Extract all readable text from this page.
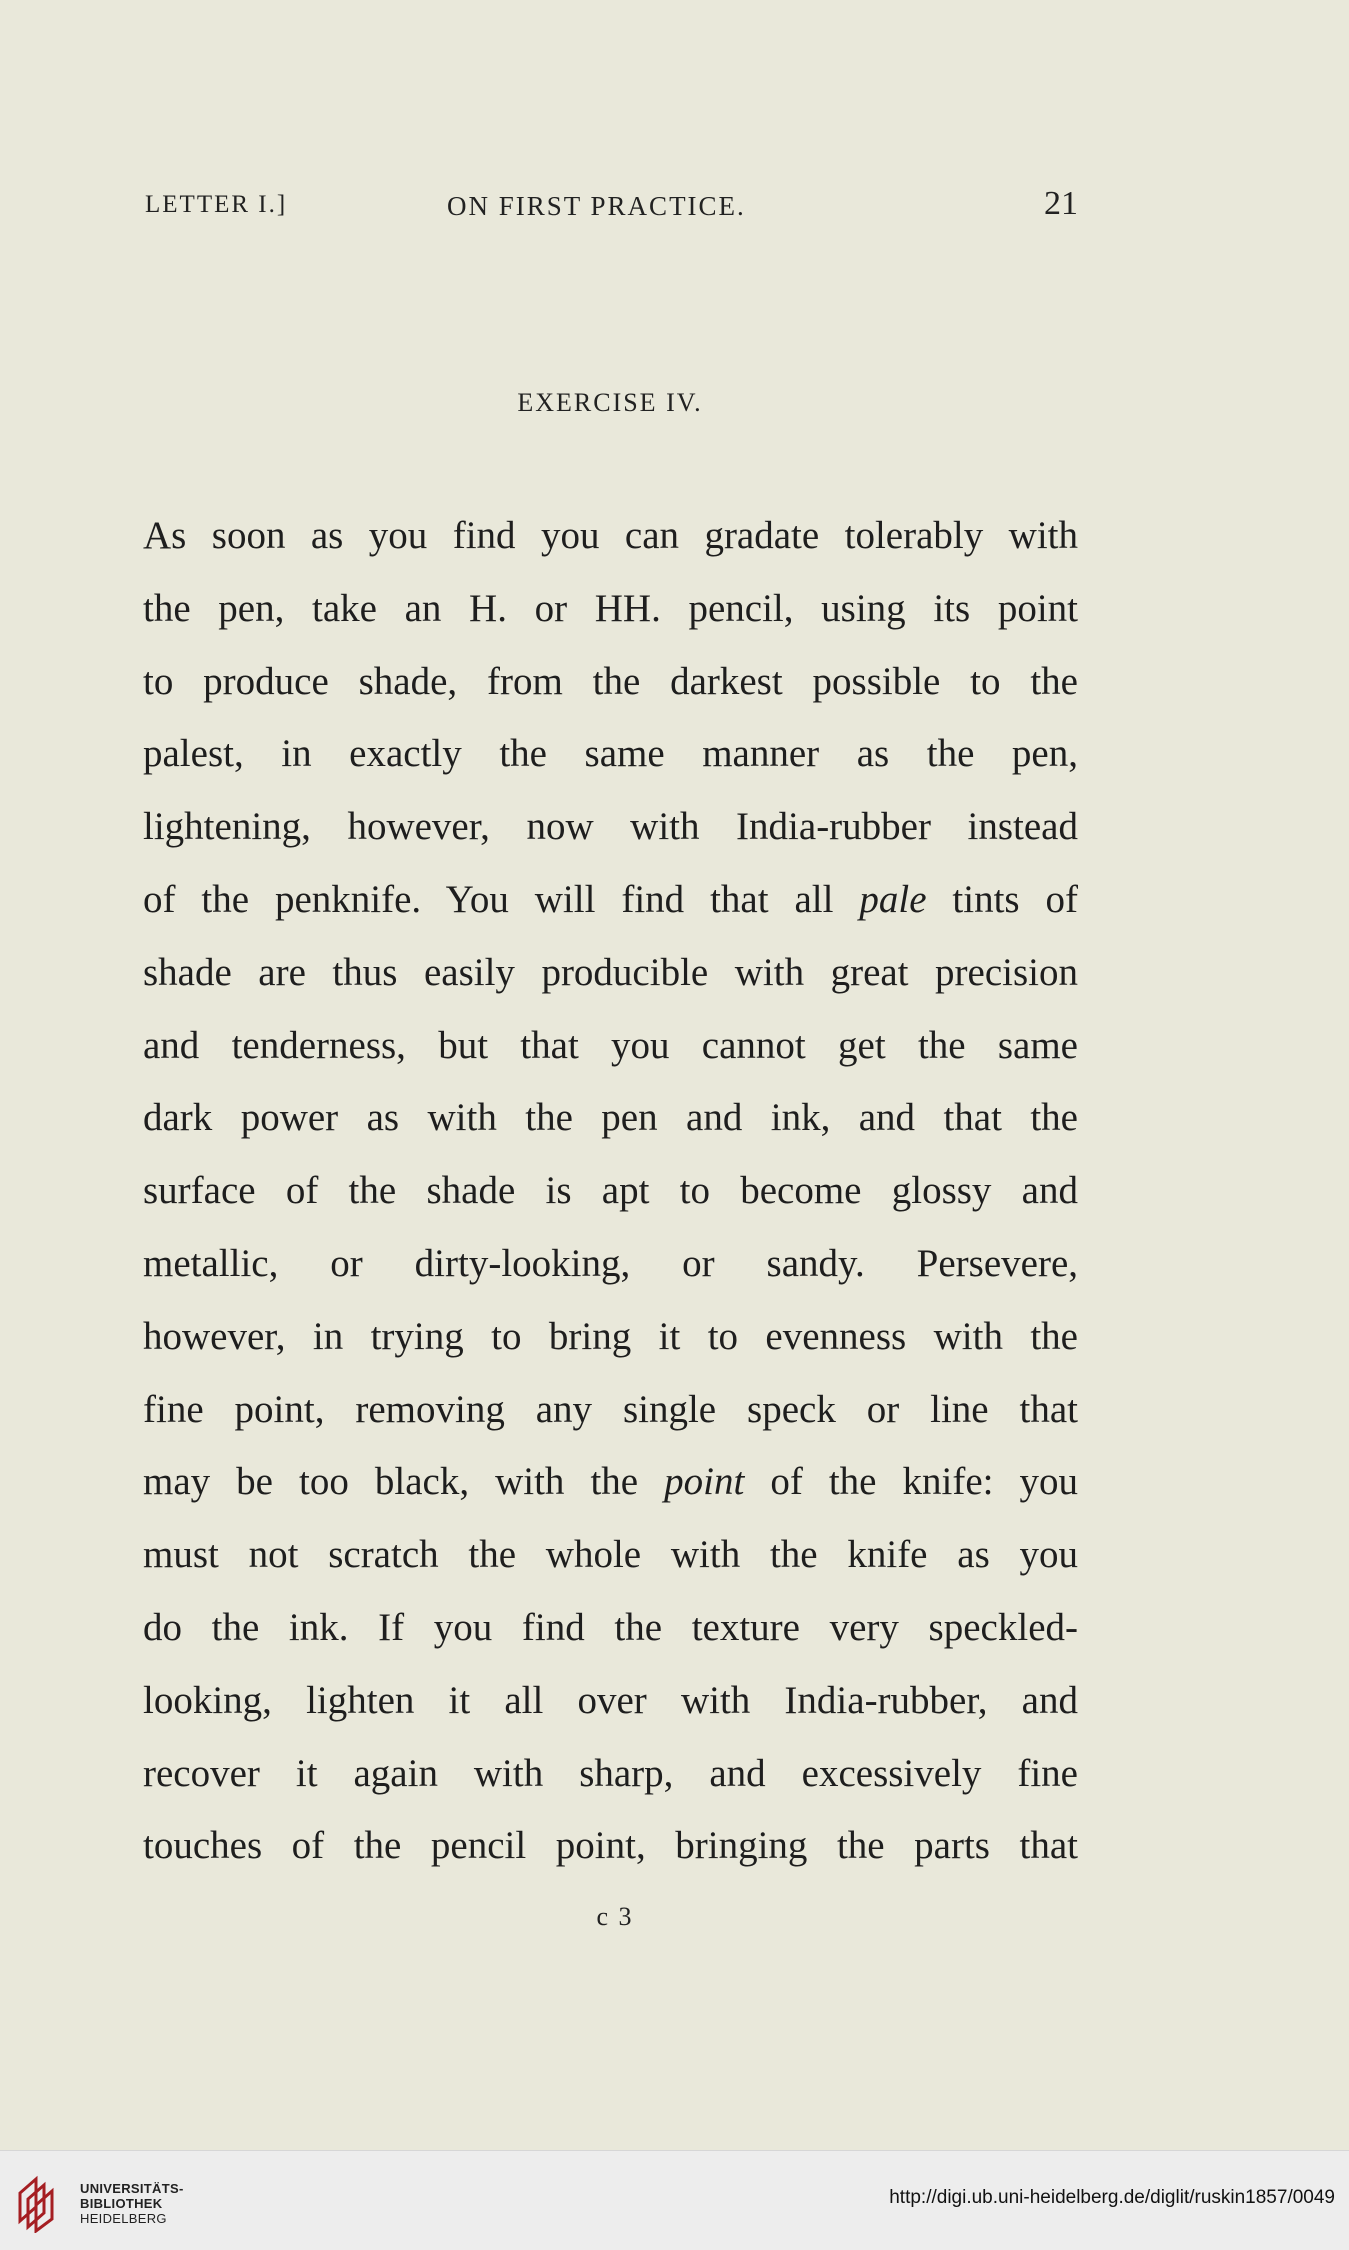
LETTER I.]	ON FIRST PRACTICE.	21
EXERCISE IV.
As soon as you find you can gradate tolerably with
the pen, take an H. or HH. pencil, using its point
to produce shade, from the darkest possible to the
palest, in exactly the same manner as the pen,
lightening, however, now with India-rubber instead
of the penknife. You will find that all pale tints of
shade are thus easily producible with great precision
and tenderness, but that you cannot get the same
dark power as with the pen and ink, and that the
surface of the shade is apt to become glossy and
metallic, or dirty-looking, or sandy. Persevere,
however, in trying to bring it to evenness with the
fine point, removing any single speck or line that
may be too black, with the point of the knife: you
must not scratch the whole with the knife as you
do the ink. If you find the texture very speckled-
looking, lighten it all over with India-rubber, and
recover it again with sharp, and excessively fine
touches of the pencil point, bringing the parts that
c 3
UNIVERSITÄTS-
BIBLIOTHEK
HEIDELBERG
http://digi.ub.uni-heidelberg.de/diglit/ruskin1857/0049
